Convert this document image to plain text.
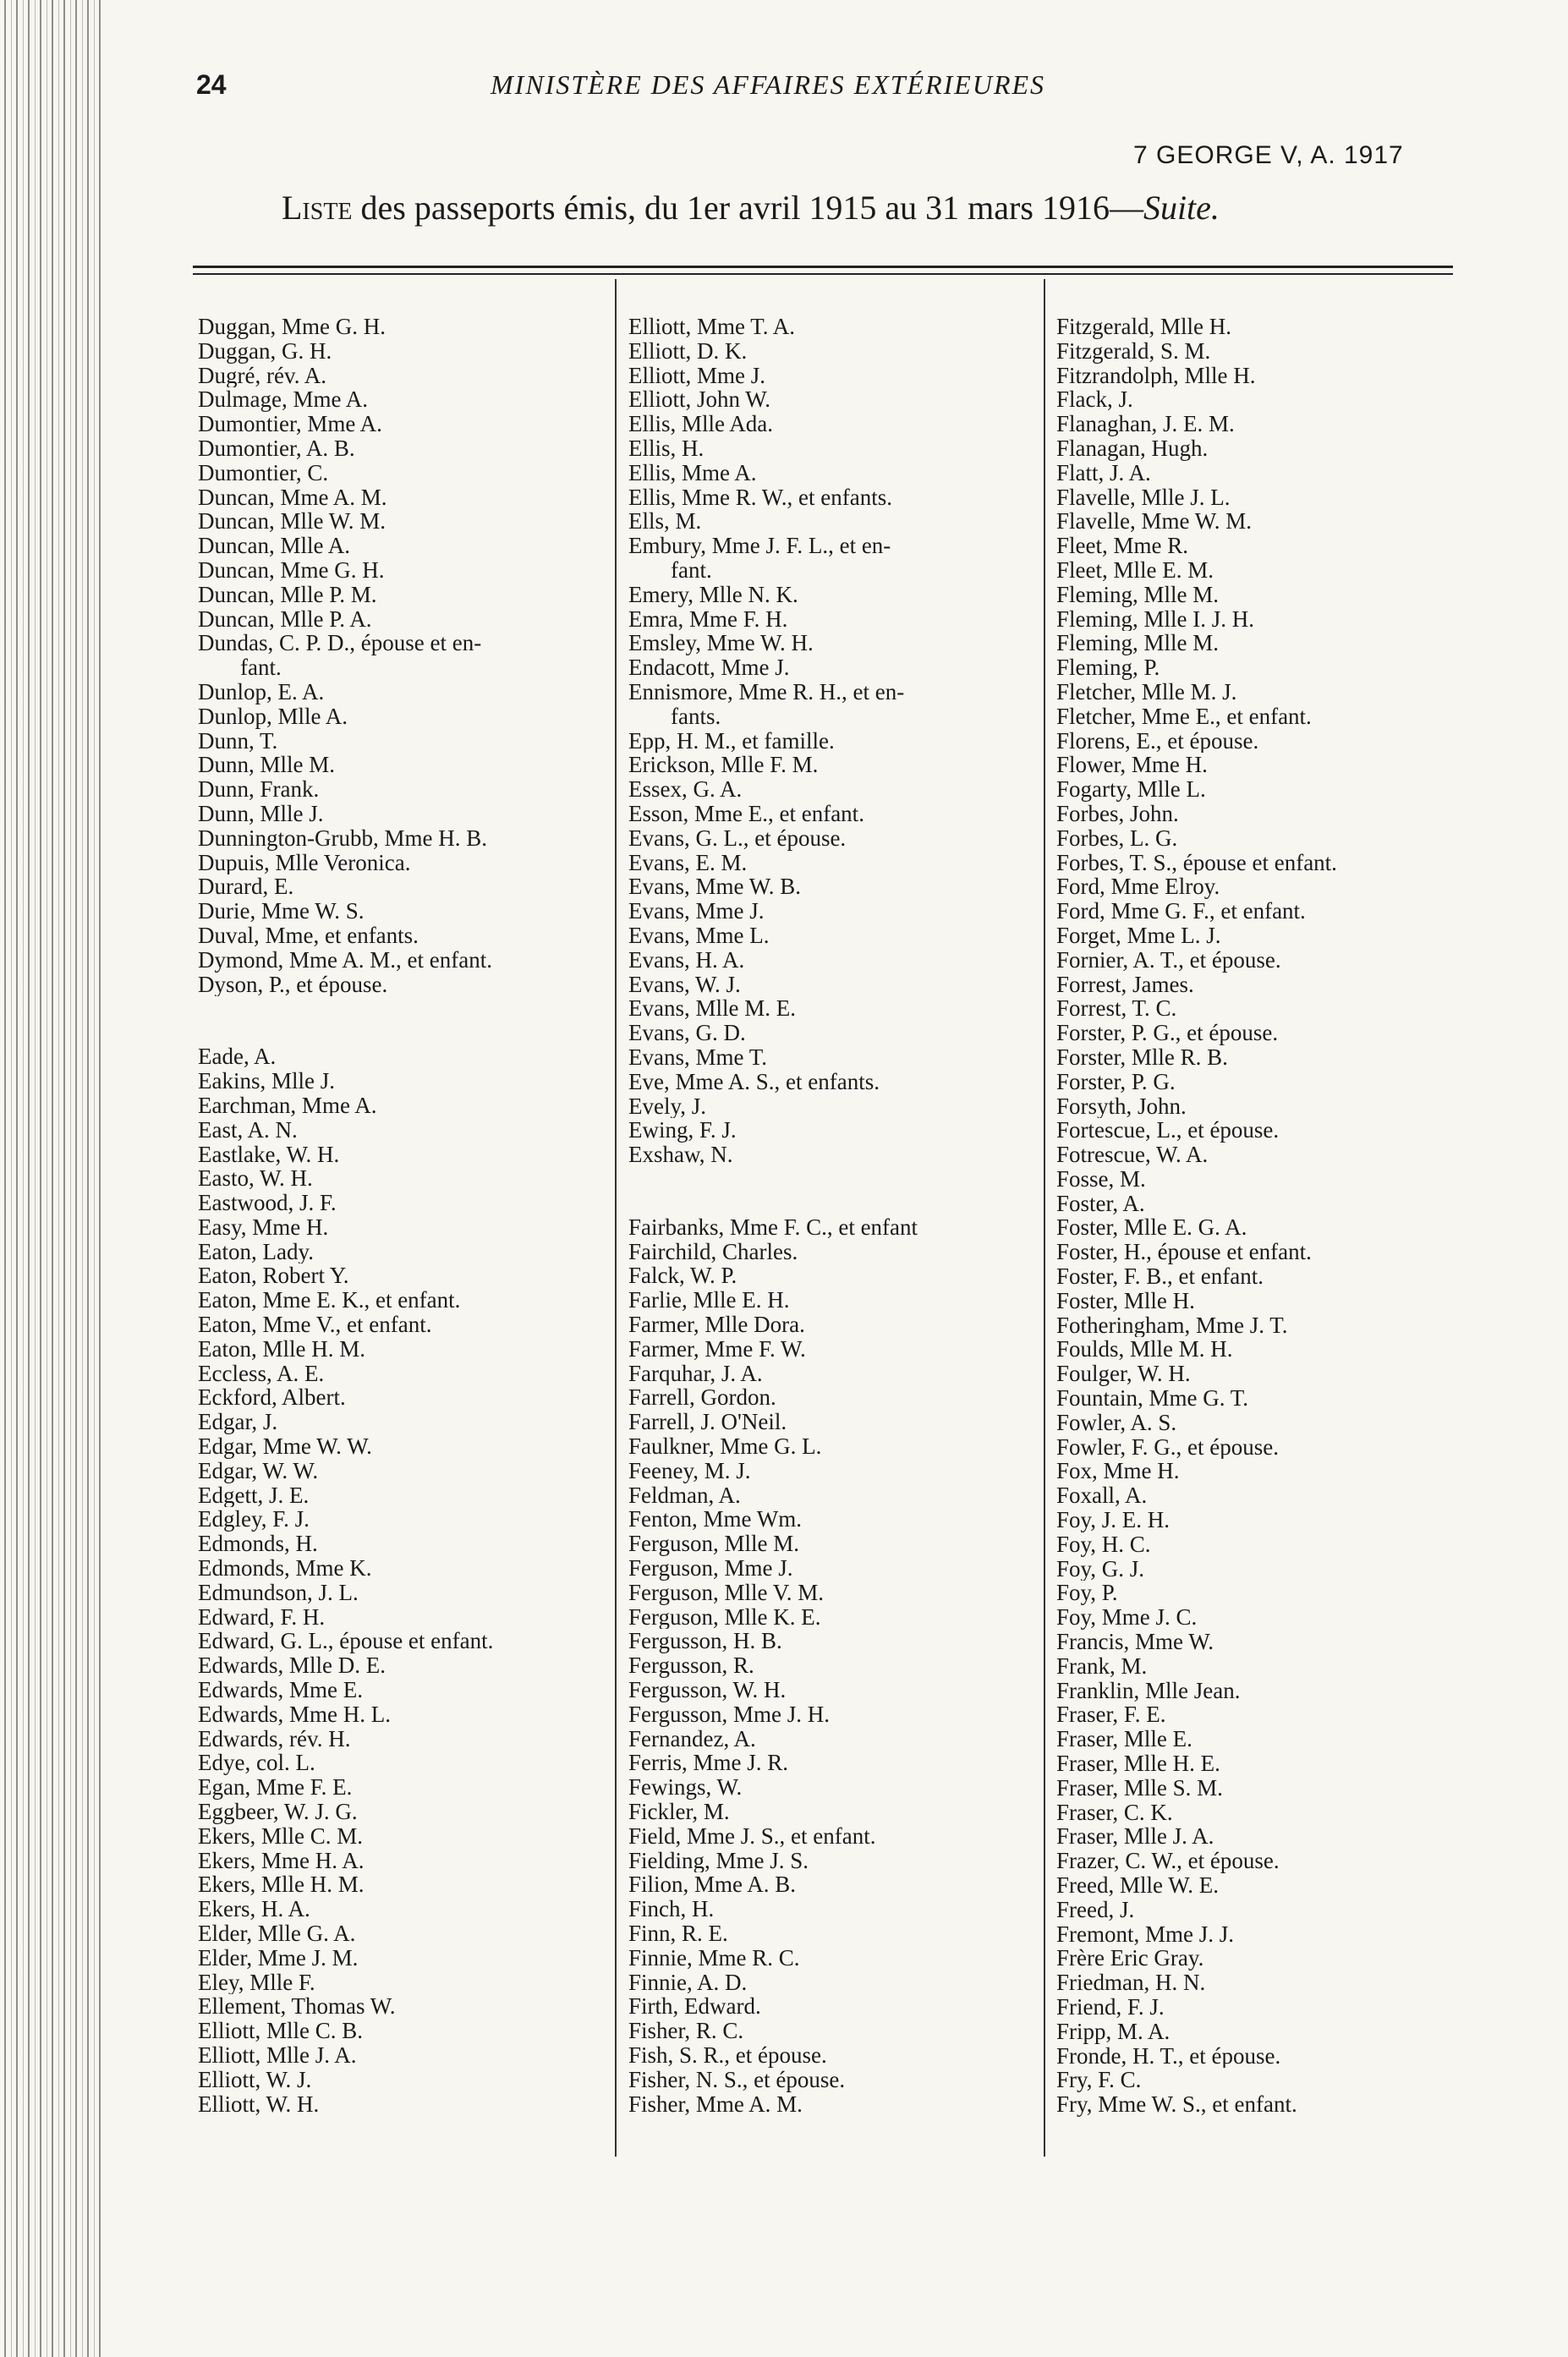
24	MINISTÈRE DES AFFAIRES EXTÉRIEURES
7 GEORGE V, A. 1917
Liste des passeports émis, du 1er avril 1915 au 31 mars 1916—Suite.
Duggan, Mme G. H.
Duggan, G. H.
Dugré, rév. A.
Dulmage, Mme A.
Dumontier, Mme A.
Dumontier, A. B.
Dumontier, C.
Duncan, Mme A. M.
Duncan, Mlle W. M.
Duncan, Mlle A.
Duncan, Mme G. H.
Duncan, Mlle P. M.
Duncan, Mlle P. A.
Dundas, C. P. D., épouse et en-
fant.
Dunlop, E. A.
Dunlop, Mlle A.
Dunn, T.
Dunn, Mlle M.
Dunn, Frank.
Dunn, Mlle J.
Dunnington-Grubb, Mme H. B.
Dupuis, Mlle Veronica.
Durard, E.
Durie, Mme W. S.
Duval, Mme, et enfants.
Dymond, Mme A. M., et enfant.
Dyson, P., et épouse.
Eade, A.
Eakins, Mlle J.
Earchman, Mme A.
East, A. N.
Eastlake, W. H.
Easto, W. H.
Eastwood, J. F.
Easy, Mme H.
Eaton, Lady.
Eaton, Robert Y.
Eaton, Mme E. K., et enfant.
Eaton, Mme V., et enfant.
Eaton, Mlle H. M.
Eccless, A. E.
Eckford, Albert.
Edgar, J.
Edgar, Mme W. W.
Edgar, W. W.
Edgett, J. E.
Edgley, F. J.
Edmonds, H.
Edmonds, Mme K.
Edmundson, J. L.
Edward, F. H.
Edward, G. L., épouse et enfant.
Edwards, Mlle D. E.
Edwards, Mme E.
Edwards, Mme H. L.
Edwards, rév. H.
Edye, col. L.
Egan, Mme F. E.
Eggbeer, W. J. G.
Ekers, Mlle C. M.
Ekers, Mme H. A.
Ekers, Mlle H. M.
Ekers, H. A.
Elder, Mlle G. A.
Elder, Mme J. M.
Eley, Mlle F.
Ellement, Thomas W.
Elliott, Mlle C. B.
Elliott, Mlle J. A.
Elliott, W. J.
Elliott, W. H.
Elliott, Mme T. A.
Elliott, D. K.
Elliott, Mme J.
Elliott, John W.
Ellis, Mlle Ada.
Ellis, H.
Ellis, Mme A.
Ellis, Mme R. W., et enfants.
Ells, M.
Embury, Mme J. F. L., et en-
fant.
Emery, Mlle N. K.
Emra, Mme F. H.
Emsley, Mme W. H.
Endacott, Mme J.
Ennismore, Mme R. H., et en-
fants.
Epp, H. M., et famille.
Erickson, Mlle F. M.
Essex, G. A.
Esson, Mme E., et enfant.
Evans, G. L., et épouse.
Evans, E. M.
Evans, Mme W. B.
Evans, Mme J.
Evans, Mme L.
Evans, H. A.
Evans, W. J.
Evans, Mlle M. E.
Evans, G. D.
Evans, Mme T.
Eve, Mme A. S., et enfants.
Evely, J.
Ewing, F. J.
Exshaw, N.
Fairbanks, Mme F. C., et enfant
Fairchild, Charles.
Falck, W. P.
Farlie, Mlle E. H.
Farmer, Mlle Dora.
Farmer, Mme F. W.
Farquhar, J. A.
Farrell, Gordon.
Farrell, J. O'Neil.
Faulkner, Mme G. L.
Feeney, M. J.
Feldman, A.
Fenton, Mme Wm.
Ferguson, Mlle M.
Ferguson, Mme J.
Ferguson, Mlle V. M.
Ferguson, Mlle K. E.
Fergusson, H. B.
Fergusson, R.
Fergusson, W. H.
Fergusson, Mme J. H.
Fernandez, A.
Ferris, Mme J. R.
Fewings, W.
Fickler, M.
Field, Mme J. S., et enfant.
Fielding, Mme J. S.
Filion, Mme A. B.
Finch, H.
Finn, R. E.
Finnie, Mme R. C.
Finnie, A. D.
Firth, Edward.
Fisher, R. C.
Fish, S. R., et épouse.
Fisher, N. S., et épouse.
Fisher, Mme A. M.
Fitzgerald, Mlle H.
Fitzgerald, S. M.
Fitzrandolph, Mlle H.
Flack, J.
Flanaghan, J. E. M.
Flanagan, Hugh.
Flatt, J. A.
Flavelle, Mlle J. L.
Flavelle, Mme W. M.
Fleet, Mme R.
Fleet, Mlle E. M.
Fleming, Mlle M.
Fleming, Mlle I. J. H.
Fleming, Mlle M.
Fleming, P.
Fletcher, Mlle M. J.
Fletcher, Mme E., et enfant.
Florens, E., et épouse.
Flower, Mme H.
Fogarty, Mlle L.
Forbes, John.
Forbes, L. G.
Forbes, T. S., épouse et enfant.
Ford, Mme Elroy.
Ford, Mme G. F., et enfant.
Forget, Mme L. J.
Fornier, A. T., et épouse.
Forrest, James.
Forrest, T. C.
Forster, P. G., et épouse.
Forster, Mlle R. B.
Forster, P. G.
Forsyth, John.
Fortescue, L., et épouse.
Fotrescue, W. A.
Fosse, M.
Foster, A.
Foster, Mlle E. G. A.
Foster, H., épouse et enfant.
Foster, F. B., et enfant.
Foster, Mlle H.
Fotheringham, Mme J. T.
Foulds, Mlle M. H.
Foulger, W. H.
Fountain, Mme G. T.
Fowler, A. S.
Fowler, F. G., et épouse.
Fox, Mme H.
Foxall, A.
Foy, J. E. H.
Foy, H. C.
Foy, G. J.
Foy, P.
Foy, Mme J. C.
Francis, Mme W.
Frank, M.
Franklin, Mlle Jean.
Fraser, F. E.
Fraser, Mlle E.
Fraser, Mlle H. E.
Fraser, Mlle S. M.
Fraser, C. K.
Fraser, Mlle J. A.
Frazer, C. W., et épouse.
Freed, Mlle W. E.
Freed, J.
Fremont, Mme J. J.
Frère Eric Gray.
Friedman, H. N.
Friend, F. J.
Fripp, M. A.
Fronde, H. T., et épouse.
Fry, F. C.
Fry, Mme W. S., et enfant.
